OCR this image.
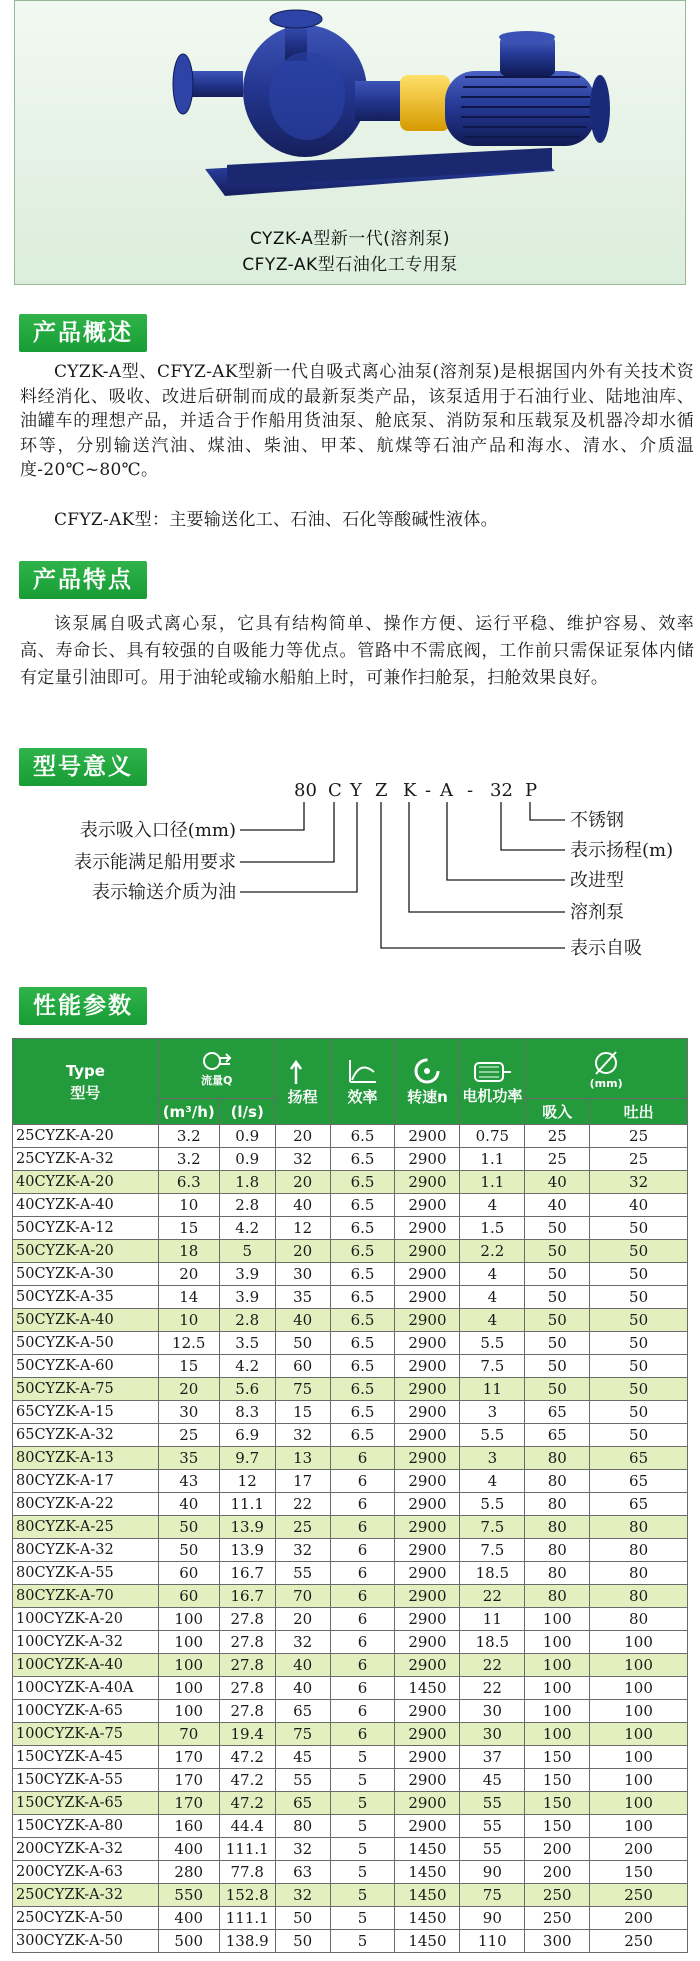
CYZK-A型新一代(溶剂泵)
CFYZ-AK型石油化工专用泵
产品概述
CYZK-A型、CFYZ-AK型新一代自吸式离心油泵(溶剂泵)是根据国内外有关技术资料经消化、吸收、改进后研制而成的最新泵类产品，该泵适用于石油行业、陆地油库、油罐车的理想产品，并适合于作船用货油泵、舱底泵、消防泵和压载泵及机器冷却水循环等，分别输送汽油、煤油、柴油、甲苯、航煤等石油产品和海水、清水、介质温度-20℃~80℃。
CFYZ-AK型：主要输送化工、石油、石化等酸碱性液体。
产品特点
该泵属自吸式离心泵，它具有结构简单、操作方便、运行平稳、维护容易、效率高、寿命长、具有较强的自吸能力等优点。管路中不需底阀，工作前只需保证泵体内储有定量引油即可。用于油轮或输水船舶上时，可兼作扫舱泵，扫舱效果良好。
型号意义
80 C Y Z K - A - 32 P
表示吸入口径(mm)
表示能满足船用要求
表示输送介质为油
不锈钢
表示扬程(m)
改进型
溶剂泵
表示自吸
性能参数
Type
型号	流量Q		扬程	效率	转速n	电机功率	(mm)	

	(m³/h)	(l/s)					吸入	吐出
25CYZK-A-20	3.2	0.9	20	6.5	2900	0.75	25	25
25CYZK-A-32	3.2	0.9	32	6.5	2900	1.1	25	25
40CYZK-A-20	6.3	1.8	20	6.5	2900	1.1	40	32
40CYZK-A-40	10	2.8	40	6.5	2900	4	40	40
50CYZK-A-12	15	4.2	12	6.5	2900	1.5	50	50
50CYZK-A-20	18	5	20	6.5	2900	2.2	50	50
50CYZK-A-30	20	3.9	30	6.5	2900	4	50	50
50CYZK-A-35	14	3.9	35	6.5	2900	4	50	50
50CYZK-A-40	10	2.8	40	6.5	2900	4	50	50
50CYZK-A-50	12.5	3.5	50	6.5	2900	5.5	50	50
50CYZK-A-60	15	4.2	60	6.5	2900	7.5	50	50
50CYZK-A-75	20	5.6	75	6.5	2900	11	50	50
65CYZK-A-15	30	8.3	15	6.5	2900	3	65	50
65CYZK-A-32	25	6.9	32	6.5	2900	5.5	65	50
80CYZK-A-13	35	9.7	13	6	2900	3	80	65
80CYZK-A-17	43	12	17	6	2900	4	80	65
80CYZK-A-22	40	11.1	22	6	2900	5.5	80	65
80CYZK-A-25	50	13.9	25	6	2900	7.5	80	80
80CYZK-A-32	50	13.9	32	6	2900	7.5	80	80
80CYZK-A-55	60	16.7	55	6	2900	18.5	80	80
80CYZK-A-70	60	16.7	70	6	2900	22	80	80
100CYZK-A-20	100	27.8	20	6	2900	11	100	80
100CYZK-A-32	100	27.8	32	6	2900	18.5	100	100
100CYZK-A-40	100	27.8	40	6	2900	22	100	100
100CYZK-A-40A	100	27.8	40	6	1450	22	100	100
100CYZK-A-65	100	27.8	65	6	2900	30	100	100
100CYZK-A-75	70	19.4	75	6	2900	30	100	100
150CYZK-A-45	170	47.2	45	5	2900	37	150	100
150CYZK-A-55	170	47.2	55	5	2900	45	150	100
150CYZK-A-65	170	47.2	65	5	2900	55	150	100
150CYZK-A-80	160	44.4	80	5	2900	55	150	100
200CYZK-A-32	400	111.1	32	5	1450	55	200	200
200CYZK-A-63	280	77.8	63	5	1450	90	200	150
250CYZK-A-32	550	152.8	32	5	1450	75	250	250
250CYZK-A-50	400	111.1	50	5	1450	90	250	200
300CYZK-A-50	500	138.9	50	5	1450	110	300	250
